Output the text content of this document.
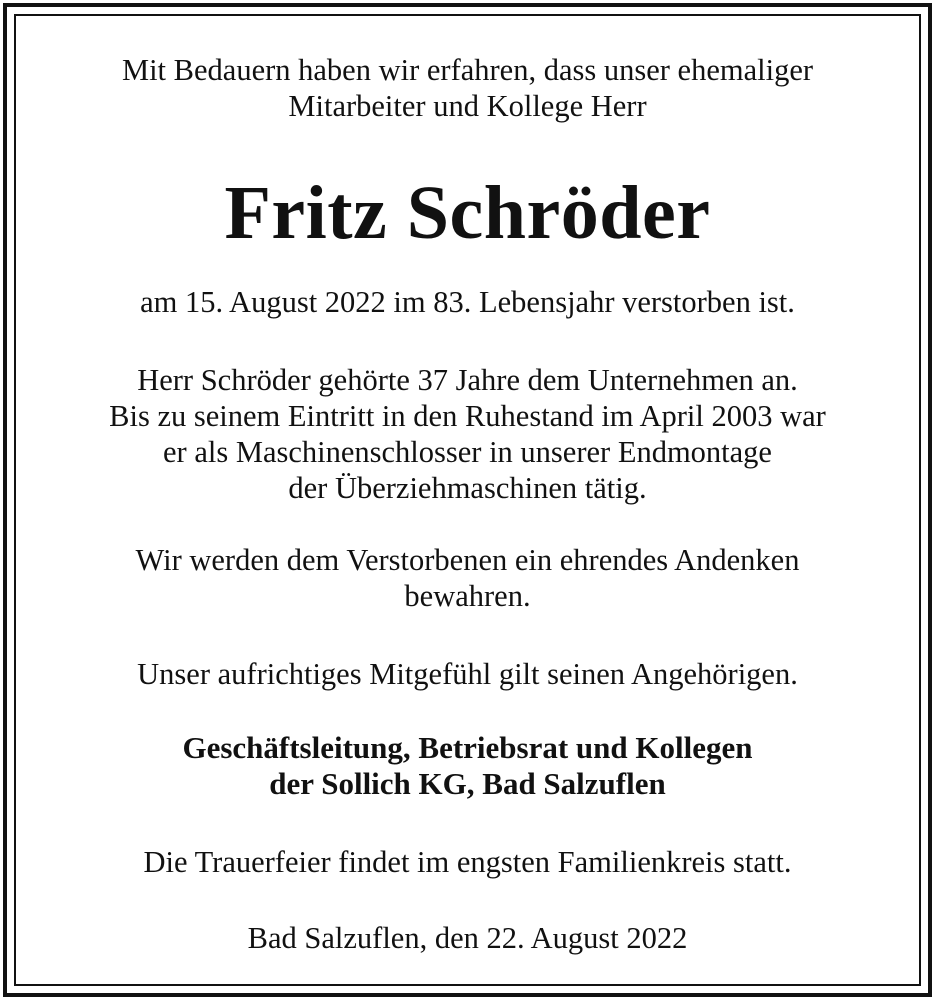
Mit Bedauern haben wir erfahren, dass unser ehemaliger
Mitarbeiter und Kollege Herr
Fritz Schröder
am 15. August 2022 im 83. Lebensjahr verstorben ist.
Herr Schröder gehörte 37 Jahre dem Unternehmen an.
Bis zu seinem Eintritt in den Ruhestand im April 2003 war
er als Maschinenschlosser in unserer Endmontage
der Überziehmaschinen tätig.
Wir werden dem Verstorbenen ein ehrendes Andenken
bewahren.
Unser aufrichtiges Mitgefühl gilt seinen Angehörigen.
Geschäftsleitung, Betriebsrat und Kollegen
der Sollich KG, Bad Salzuflen
Die Trauerfeier findet im engsten Familienkreis statt.
Bad Salzuflen, den 22. August 2022
